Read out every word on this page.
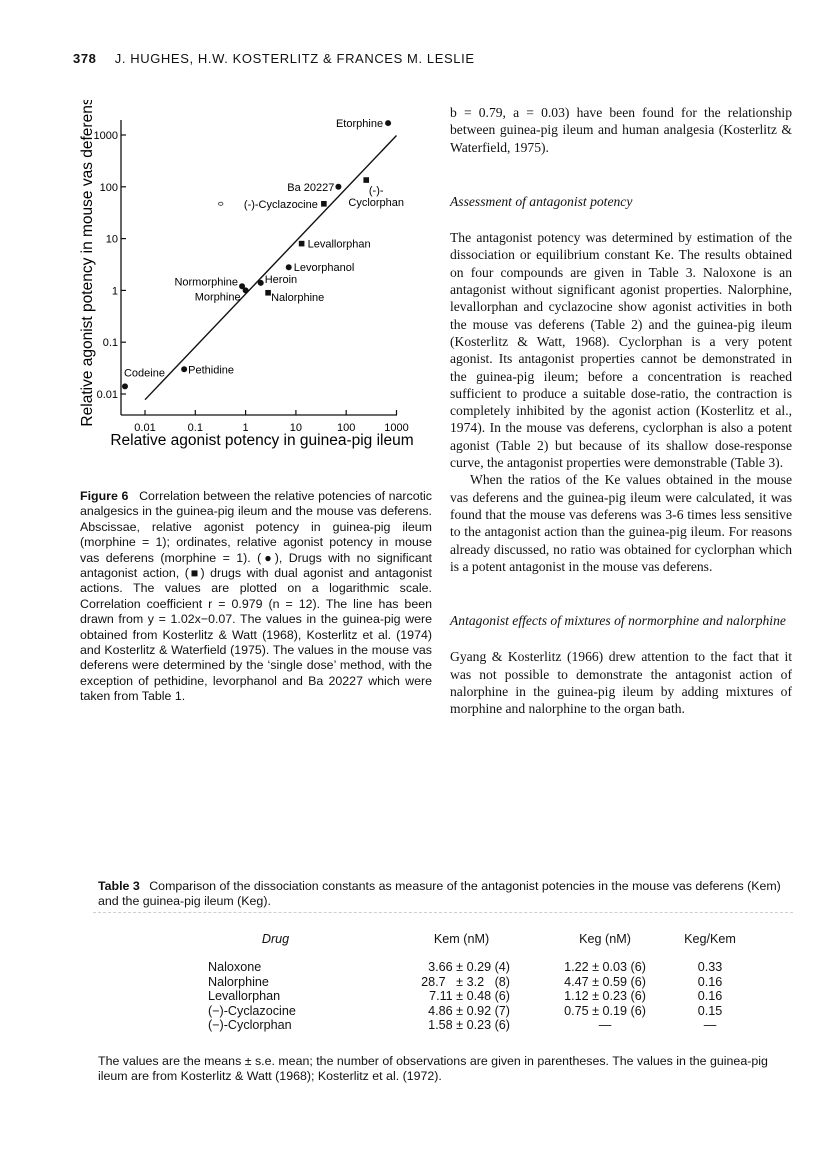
378 J. HUGHES, H.W. KOSTERLITZ & FRANCES M. LESLIE
0.01	0.1	1	10	100	1000
0.01
0.1
1
10
100
1000
Etorphine
Ba 20227
Levorphanol
Heroin
Normorphine
Morphine
Pethidine
Codeine
(-)-
Cyclorphan
(-)-Cyclazocine
Levallorphan
Nalorphine
Relative agonist potency in guinea-pig ileum
Relative agonist potency in mouse vas deferens

Figure 6 Correlation between the relative potencies of narcotic analgesics in the guinea-pig ileum and the mouse vas deferens. Abscissae, relative agonist potency in guinea-pig ileum (morphine = 1); ordinates, relative agonist potency in mouse vas deferens (morphine = 1). (●), Drugs with no significant antagonist action, (■) drugs with dual agonist and antagonist actions. The values are plotted on a logarithmic scale. Correlation coefficient r = 0.979 (n = 12). The line has been drawn from y = 1.02x−0.07. The values in the guinea-pig were obtained from Kosterlitz & Watt (1968), Kosterlitz et al. (1974) and Kosterlitz & Waterfield (1975). The values in the mouse vas deferens were determined by the ‘single dose’ method, with the exception of pethidine, levorphanol and Ba 20227 which were taken from Table 1.

b = 0.79, a = 0.03) have been found for the relationship between guinea-pig ileum and human analgesia (Kosterlitz & Waterfield, 1975).

Assessment of antagonist potency

The antagonist potency was determined by estimation of the dissociation or equilibrium constant Ke. The results obtained on four compounds are given in Table 3. Naloxone is an antagonist without significant agonist properties. Nalorphine, levallorphan and cyclazocine show agonist activities in both the mouse vas deferens (Table 2) and the guinea-pig ileum (Kosterlitz & Watt, 1968). Cyclorphan is a very potent agonist. Its antagonist properties cannot be demonstrated in the guinea-pig ileum; before a concentration is reached sufficient to produce a suitable dose-ratio, the contraction is completely inhibited by the agonist action (Kosterlitz et al., 1974). In the mouse vas deferens, cyclorphan is also a potent agonist (Table 2) but because of its shallow dose-response curve, the antagonist properties were demonstrable (Table 3).

When the ratios of the Ke values obtained in the mouse vas deferens and the guinea-pig ileum were calculated, it was found that the mouse vas deferens was 3-6 times less sensitive to the antagonist action than the guinea-pig ileum. For reasons already discussed, no ratio was obtained for cyclorphan which is a potent antagonist in the mouse vas deferens.

Antagonist effects of mixtures of normorphine and nalorphine

Gyang & Kosterlitz (1966) drew attention to the fact that it was not possible to demonstrate the antagonist action of nalorphine in the guinea-pig ileum by adding mixtures of morphine and nalorphine to the organ bath.

Table 3 Comparison of the dissociation constants as measure of the antagonist potencies in the mouse vas deferens (Kem) and the guinea-pig ileum (Keg).
Drug	Kem (nM)	Keg (nM)	Keg/Kem
Naloxone	3.66 ± 0.29 (4)	1.22 ± 0.03 (6)	0.33
Nalorphine	28.7   ± 3.2   (8)	4.47 ± 0.59 (6)	0.16
Levallorphan	7.11 ± 0.48 (6)	1.12 ± 0.23 (6)	0.16
(−)-Cyclazocine	4.86 ± 0.92 (7)	0.75 ± 0.19 (6)	0.15
(−)-Cyclorphan	1.58 ± 0.23 (6)	—	—
The values are the means ± s.e. mean; the number of observations are given in parentheses. The values in the guinea-pig ileum are from Kosterlitz & Watt (1968); Kosterlitz et al. (1972).
